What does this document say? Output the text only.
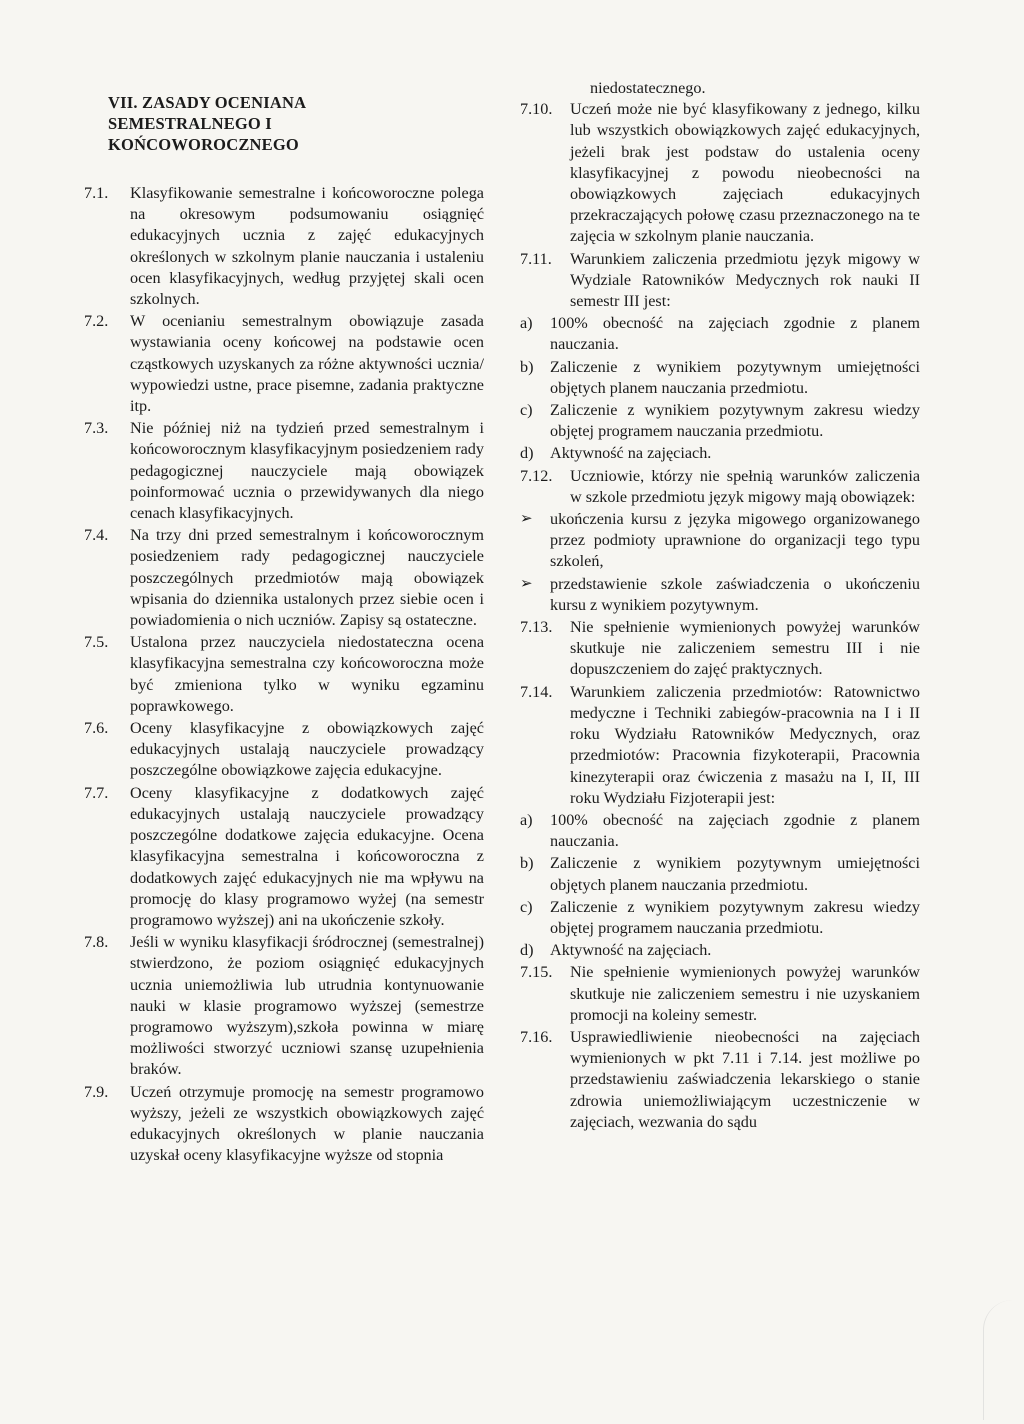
VII. ZASADY OCENIANA
SEMESTRALNEGO I
KOŃCOWOROCZNEGO
7.1.	Klasyfikowanie semestralne i końcoworoczne polega na okresowym podsumowaniu osiągnięć edukacyjnych ucznia z zajęć edukacyjnych określonych w szkolnym planie nauczania i ustaleniu ocen klasyfikacyjnych, według przyjętej skali ocen szkolnych.
7.2.	W ocenianiu semestralnym obowiązuje zasada wystawiania oceny końcowej na podstawie ocen cząstkowych uzyskanych za różne aktywności ucznia/ wypowiedzi ustne, prace pisemne, zadania praktyczne itp.
7.3.	Nie później niż na tydzień przed semestralnym i końcoworocznym klasyfikacyjnym posiedzeniem rady pedagogicznej nauczyciele mają obowiązek poinformować ucznia o przewidywanych dla niego cenach klasyfikacyjnych.
7.4.	Na trzy dni przed semestralnym i końcoworocznym posiedzeniem rady pedagogicznej nauczyciele poszczególnych przedmiotów mają obowiązek wpisania do dziennika ustalonych przez siebie ocen i powiadomienia o nich uczniów. Zapisy są ostateczne.
7.5.	Ustalona przez nauczyciela niedostateczna ocena klasyfikacyjna semestralna czy końcoworoczna może być zmieniona tylko w wyniku egzaminu poprawkowego.
7.6.	Oceny klasyfikacyjne z obowiązkowych zajęć edukacyjnych ustalają nauczyciele prowadzący poszczególne obowiązkowe zajęcia edukacyjne.
7.7.	Oceny klasyfikacyjne z dodatkowych zajęć edukacyjnych ustalają nauczyciele prowadzący poszczególne dodatkowe zajęcia edukacyjne. Ocena klasyfikacyjna semestralna i końcoworoczna z dodatkowych zajęć edukacyjnych nie ma wpływu na promocję do klasy programowo wyżej (na semestr programowo wyższej) ani na ukończenie szkoły.
7.8.	Jeśli w wyniku klasyfikacji śródrocznej (semestralnej) stwierdzono, że poziom osiągnięć edukacyjnych ucznia uniemożliwia lub utrudnia kontynuowanie nauki w klasie programowo wyższej (semestrze programowo wyższym),szkoła powinna w miarę możliwości stworzyć uczniowi szansę uzupełnienia braków.
7.9.	Uczeń otrzymuje promocję na semestr programowo wyższy, jeżeli ze wszystkich obowiązkowych zajęć edukacyjnych określonych w planie nauczania uzyskał oceny klasyfikacyjne wyższe od stopnia
niedostatecznego.
7.10.	Uczeń może nie być klasyfikowany z jednego, kilku lub wszystkich obowiązkowych zajęć edukacyjnych, jeżeli brak jest podstaw do ustalenia oceny klasyfikacyjnej z powodu nieobecności na obowiązkowych zajęciach edukacyjnych przekraczających połowę czasu przeznaczonego na te zajęcia w szkolnym planie nauczania.
7.11.	Warunkiem zaliczenia przedmiotu język migowy w Wydziale Ratowników Medycznych rok nauki II semestr III jest:
a)	100% obecność na zajęciach zgodnie z planem nauczania.
b)	Zaliczenie z wynikiem pozytywnym umiejętności objętych planem nauczania przedmiotu.
c)	Zaliczenie z wynikiem pozytywnym zakresu wiedzy objętej programem nauczania przedmiotu.
d)	Aktywność na zajęciach.
7.12.	Uczniowie, którzy nie spełnią warunków zaliczenia w szkole przedmiotu język migowy mają obowiązek:
➢	ukończenia kursu z języka migowego organizowanego przez podmioty uprawnione do organizacji tego typu szkoleń,
➢	przedstawienie szkole zaświadczenia o ukończeniu kursu z wynikiem pozytywnym.
7.13.	Nie spełnienie wymienionych powyżej warunków skutkuje nie zaliczeniem semestru III i nie dopuszczeniem do zajęć praktycznych.
7.14.	Warunkiem zaliczenia przedmiotów: Ratownictwo medyczne i Techniki zabiegów-pracownia na I i II roku Wydziału Ratowników Medycznych, oraz przedmiotów: Pracownia fizykoterapii, Pracownia kinezyterapii oraz ćwiczenia z masażu na I, II, III roku Wydziału Fizjoterapii jest:
a)	100% obecność na zajęciach zgodnie z planem nauczania.
b)	Zaliczenie z wynikiem pozytywnym umiejętności objętych planem nauczania przedmiotu.
c)	Zaliczenie z wynikiem pozytywnym zakresu wiedzy objętej programem nauczania przedmiotu.
d)	Aktywność na zajęciach.
7.15.	Nie spełnienie wymienionych powyżej warunków skutkuje nie zaliczeniem semestru i nie uzyskaniem promocji na koleiny semestr.
7.16.	Usprawiedliwienie nieobecności na zajęciach wymienionych w pkt 7.11 i 7.14. jest możliwe po przedstawieniu zaświadczenia lekarskiego o stanie zdrowia uniemożliwiającym uczestniczenie w zajęciach, wezwania do sądu
